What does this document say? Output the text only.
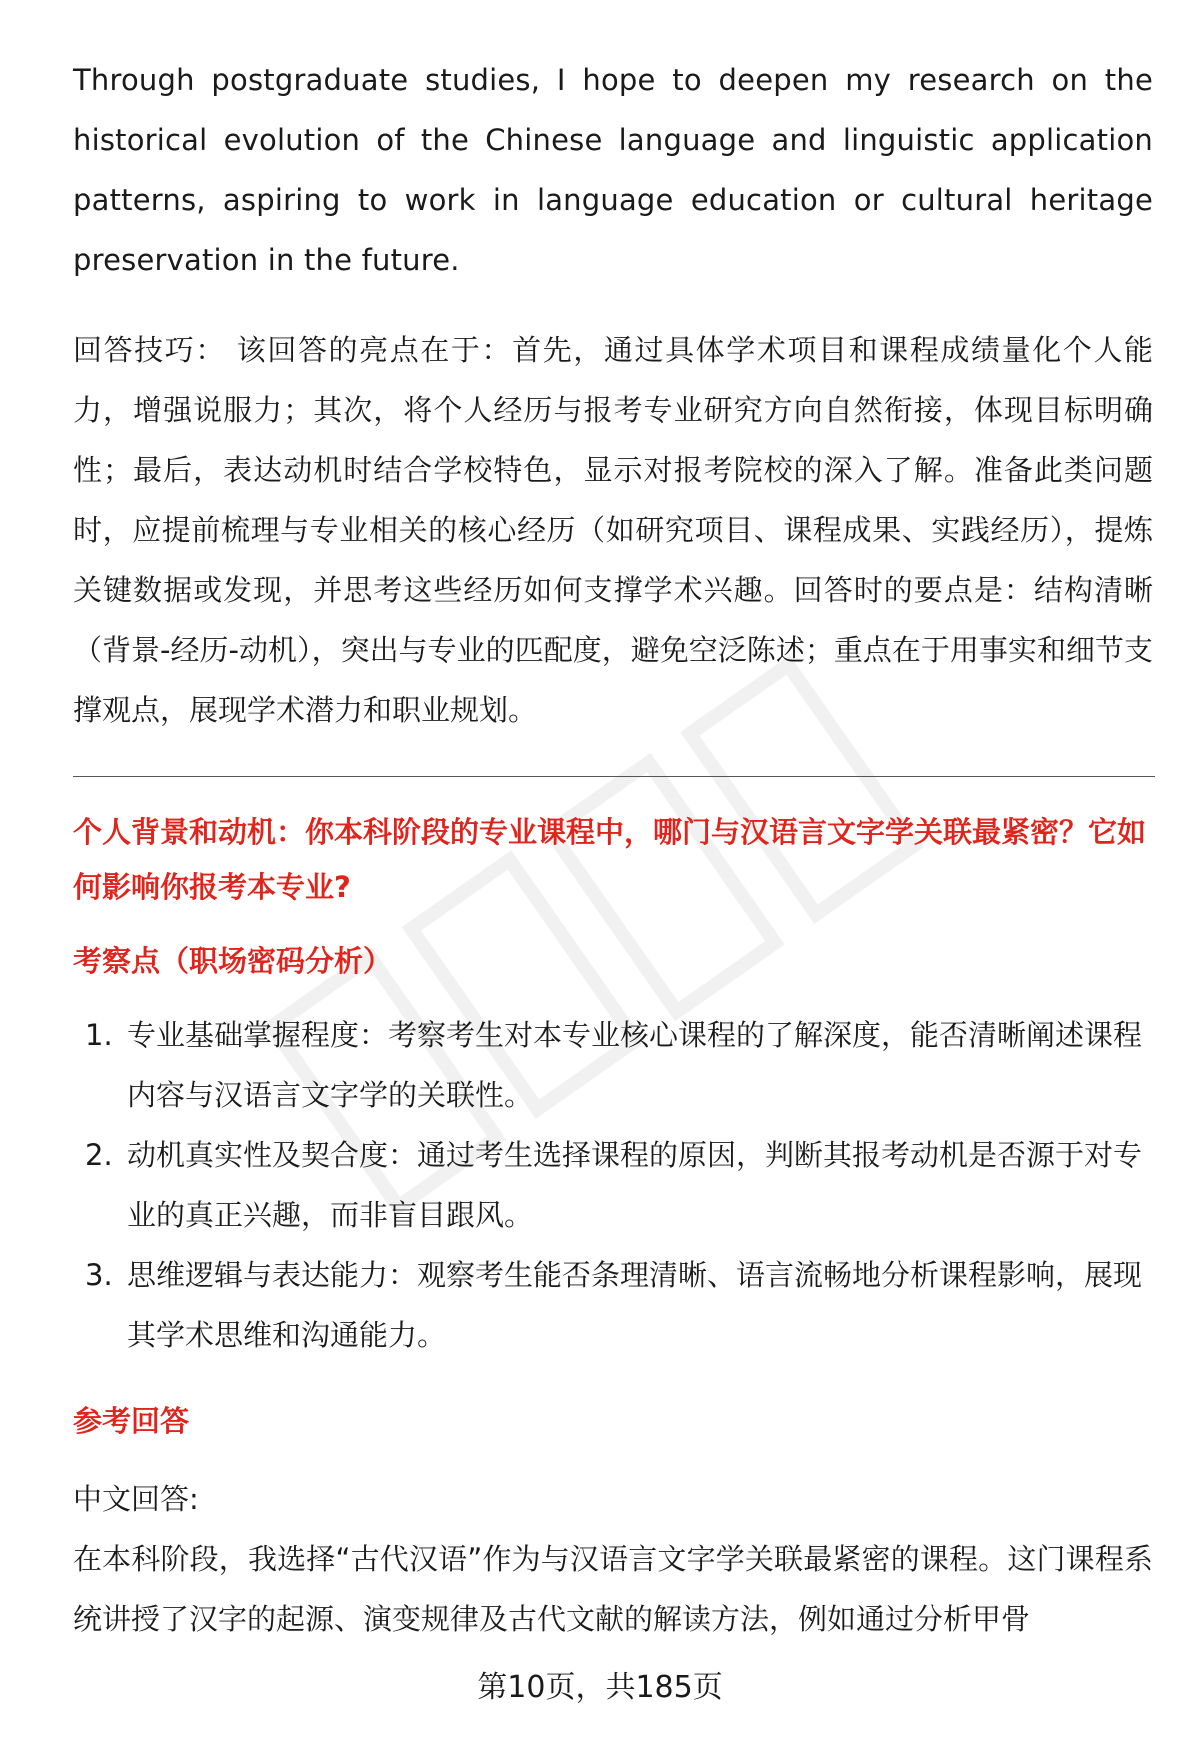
Through postgraduate studies, I hope to deepen my research on the historical evolution of the Chinese language and linguistic application patterns, aspiring to work in language education or cultural heritage preservation in the future.

回答技巧： 该回答的亮点在于：首先，通过具体学术项目和课程成绩量化个人能力，增强说服力；其次，将个人经历与报考专业研究方向自然衔接，体现目标明确性；最后，表达动机时结合学校特色，显示对报考院校的深入了解。准备此类问题时，应提前梳理与专业相关的核心经历（如研究项目、课程成果、实践经历），提炼关键数据或发现，并思考这些经历如何支撑学术兴趣。回答时的要点是：结构清晰（背景-经历-动机），突出与专业的匹配度，避免空泛陈述；重点在于用事实和细节支撑观点，展现学术潜力和职业规划。

个人背景和动机：你本科阶段的专业课程中，哪门与汉语言文字学关联最紧密？它如何影响你报考本专业?

考察点（职场密码分析）

1. 专业基础掌握程度：考察考生对本专业核心课程的了解深度，能否清晰阐述课程内容与汉语言文字学的关联性。
2. 动机真实性及契合度：通过考生选择课程的原因，判断其报考动机是否源于对专业的真正兴趣，而非盲目跟风。
3. 思维逻辑与表达能力：观察考生能否条理清晰、语言流畅地分析课程影响，展现其学术思维和沟通能力。

参考回答

中文回答:

在本科阶段，我选择“古代汉语”作为与汉语言文字学关联最紧密的课程。这门课程系统讲授了汉字的起源、演变规律及古代文献的解读方法，例如通过分析甲骨

第10页，共185页
